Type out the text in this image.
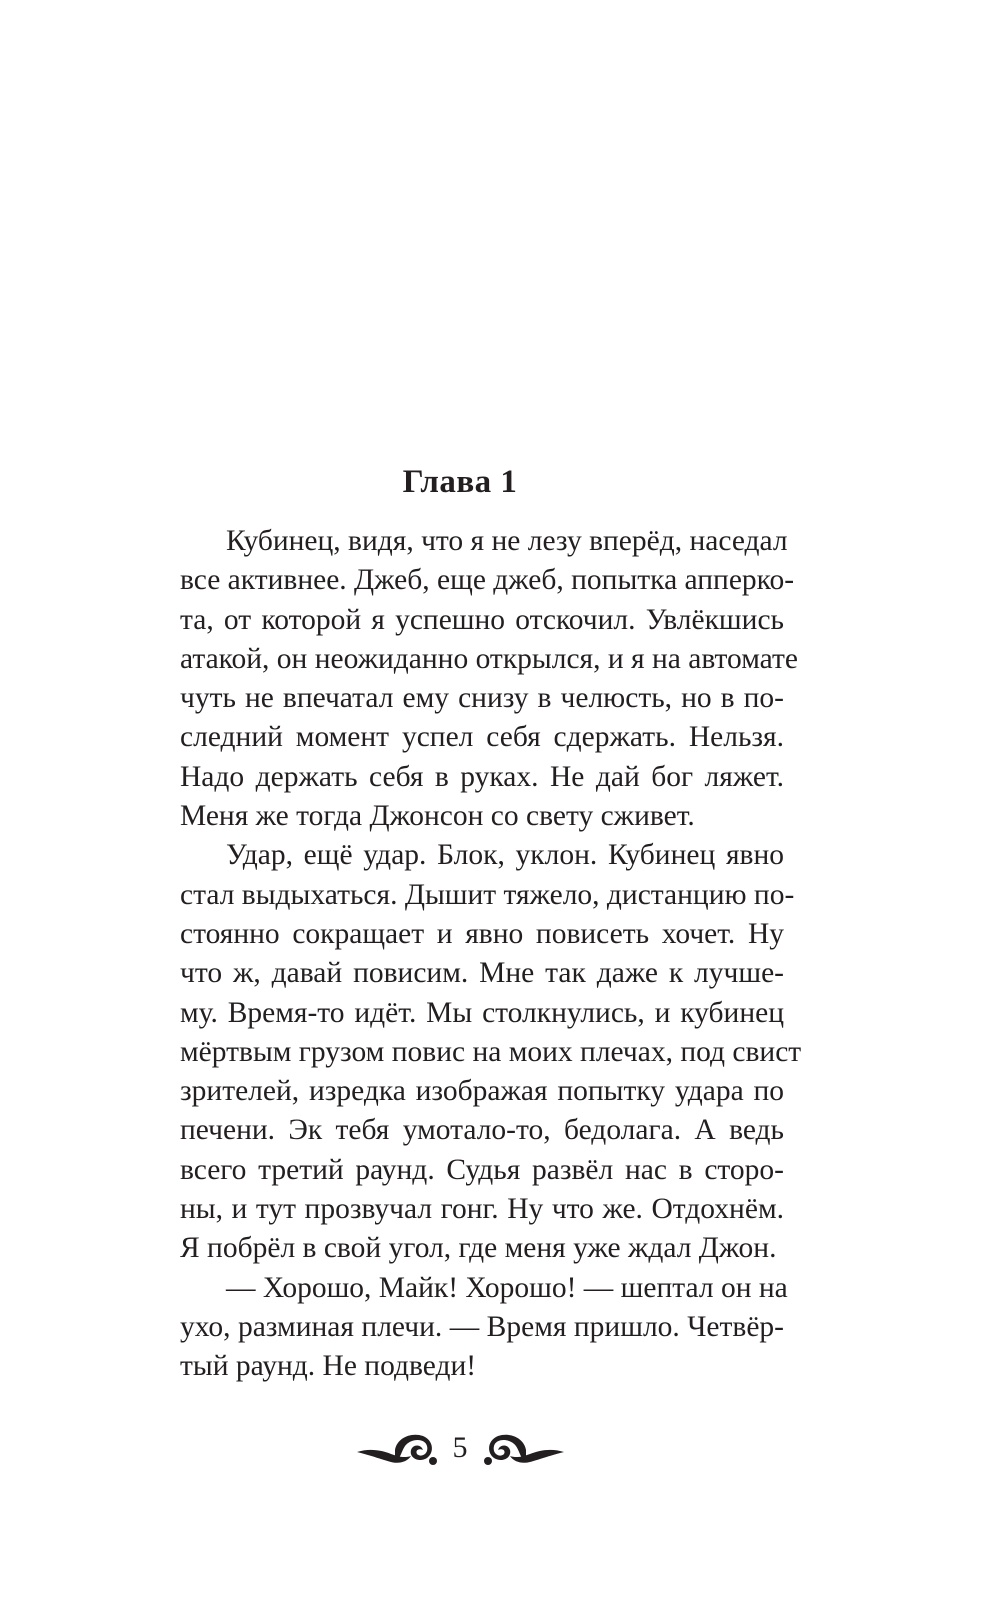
Глава 1
Кубинец, видя, что я не лезу вперёд, наседал
все активнее. Джеб, еще джеб, попытка апперко-
та, от которой я успешно отскочил. Увлёкшись
атакой, он неожиданно открылся, и я на автомате
чуть не впечатал ему снизу в челюсть, но в по-
следний момент успел себя сдержать. Нельзя.
Надо держать себя в руках. Не дай бог ляжет.
Меня же тогда Джонсон со свету сживет.
Удар, ещё удар. Блок, уклон. Кубинец явно
стал выдыхаться. Дышит тяжело, дистанцию по-
стоянно сокращает и явно повисеть хочет. Ну
что ж, давай повисим. Мне так даже к лучше-
му. Время-то идёт. Мы столкнулись, и кубинец
мёртвым грузом повис на моих плечах, под свист
зрителей, изредка изображая попытку удара по
печени. Эк тебя умотало-то, бедолага. А ведь
всего третий раунд. Судья развёл нас в сторо-
ны, и тут прозвучал гонг. Ну что же. Отдохнём.
Я побрёл в свой угол, где меня уже ждал Джон.
— Хорошо, Майк! Хорошо! — шептал он на
ухо, разминая плечи. — Время пришло. Четвёр-
тый раунд. Не подведи!
5
